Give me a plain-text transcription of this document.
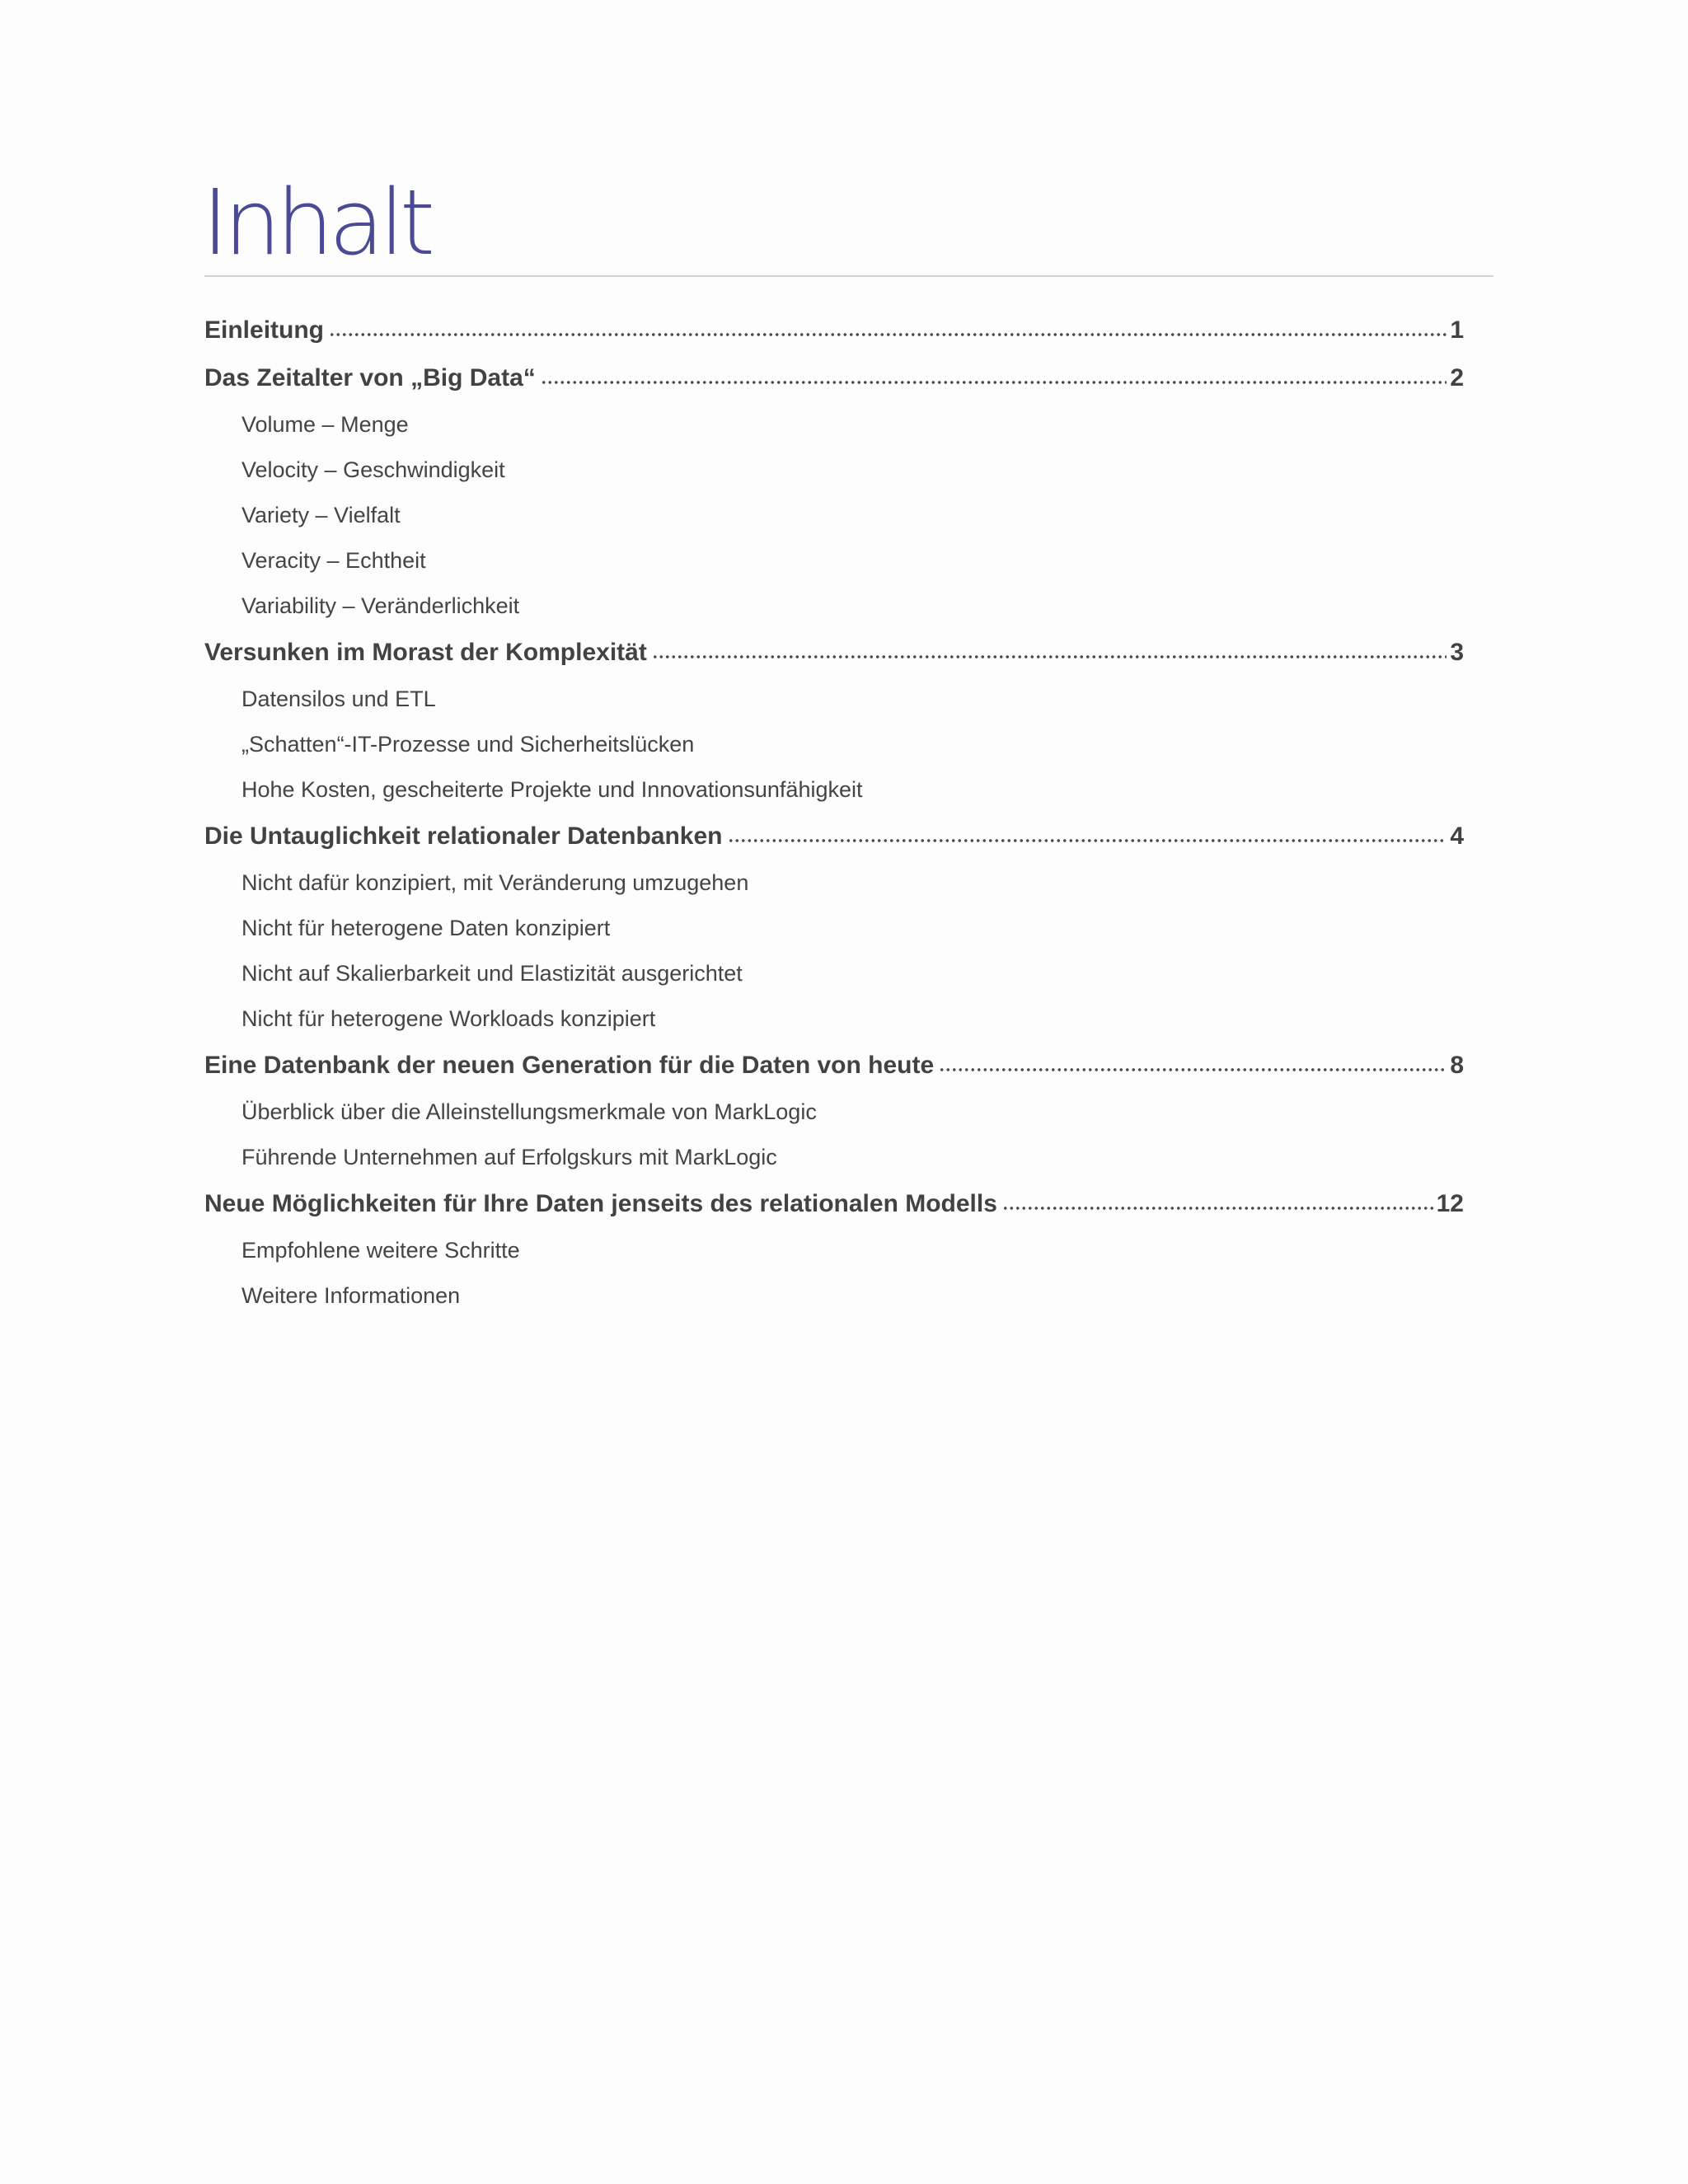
Inhalt
Einleitung	1
Das Zeitalter von „Big Data“	2
Volume – Menge
Velocity – Geschwindigkeit
Variety – Vielfalt
Veracity – Echtheit
Variability – Veränderlichkeit
Versunken im Morast der Komplexität	3
Datensilos und ETL
„Schatten“-IT-Prozesse und Sicherheitslücken
Hohe Kosten, gescheiterte Projekte und Innovationsunfähigkeit
Die Untauglichkeit relationaler Datenbanken	4
Nicht dafür konzipiert, mit Veränderung umzugehen
Nicht für heterogene Daten konzipiert
Nicht auf Skalierbarkeit und Elastizität ausgerichtet
Nicht für heterogene Workloads konzipiert
Eine Datenbank der neuen Generation für die Daten von heute	8
Überblick über die Alleinstellungsmerkmale von MarkLogic
Führende Unternehmen auf Erfolgskurs mit MarkLogic
Neue Möglichkeiten für Ihre Daten jenseits des relationalen Modells	12
Empfohlene weitere Schritte
Weitere Informationen
